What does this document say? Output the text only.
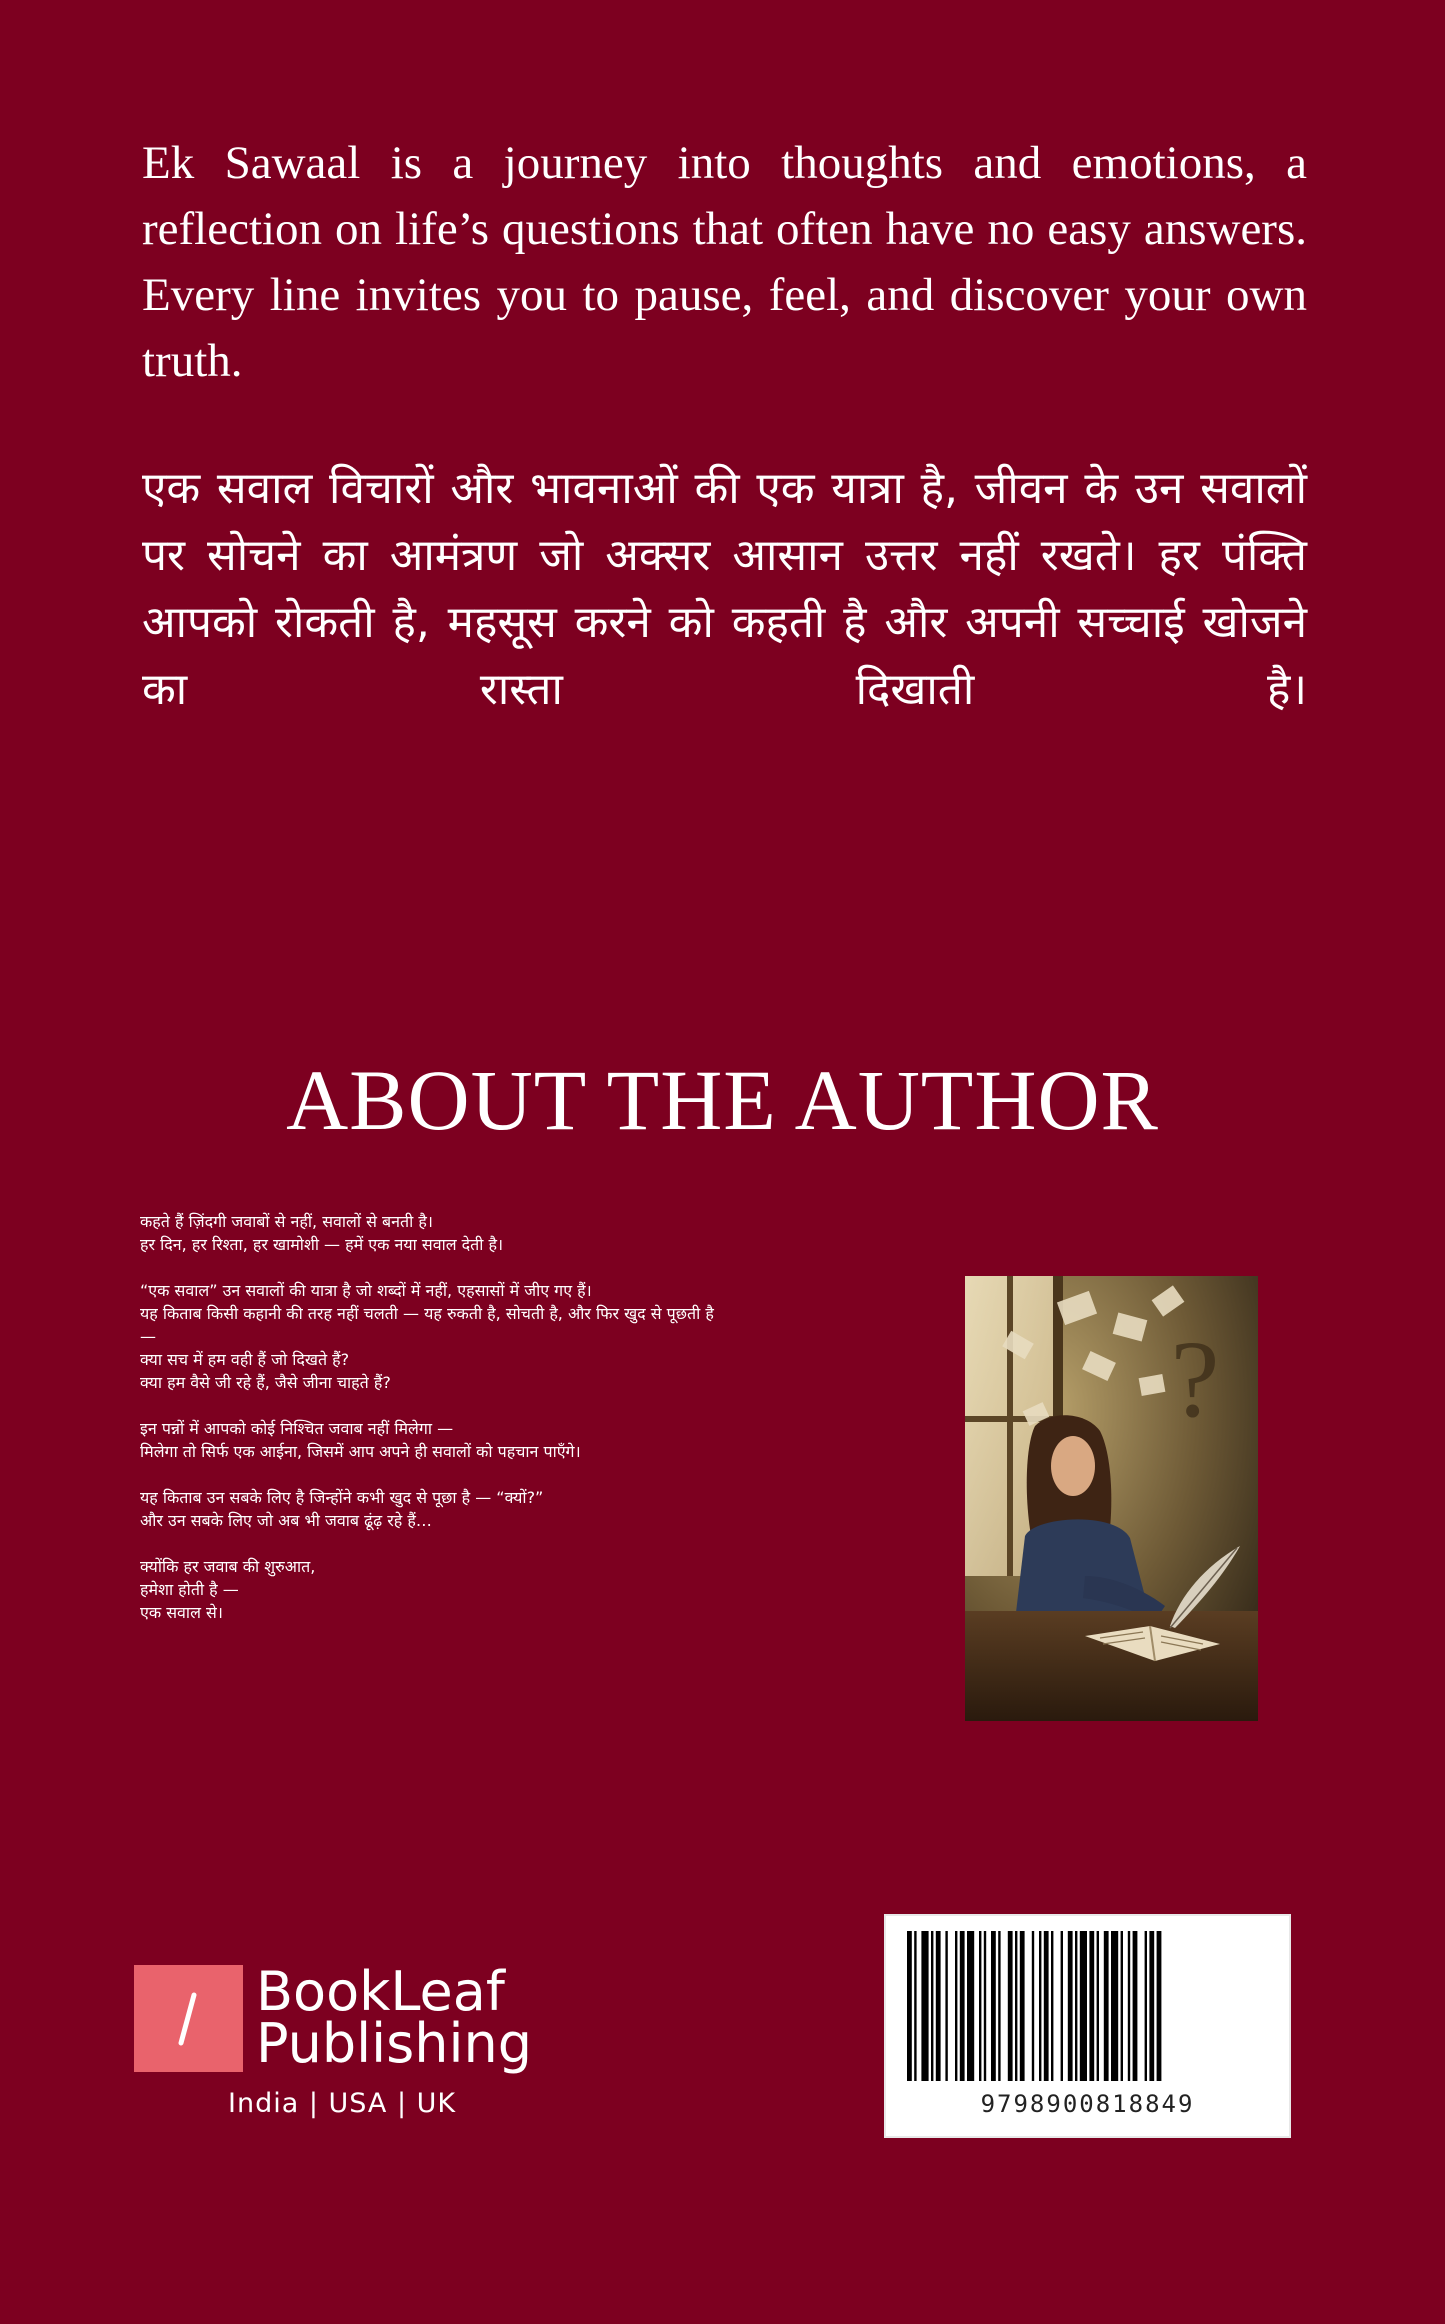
Ek Sawaal is a journey into thoughts and emotions, a reflection on life’s questions that often have no easy answers. Every line invites you to pause, feel, and discover your own truth.

एक सवाल विचारों और भावनाओं की एक यात्रा है, जीवन के उन सवालों पर सोचने का आमंत्रण जो अक्सर आसान उत्तर नहीं रखते। हर पंक्ति आपको रोकती है, महसूस करने को कहती है और अपनी सच्चाई खोजने का रास्ता दिखाती है।

ABOUT THE AUTHOR
कहते हैं ज़िंदगी जवाबों से नहीं, सवालों से बनती है।
हर दिन, हर रिश्ता, हर खामोशी — हमें एक नया सवाल देती है।
“एक सवाल” उन सवालों की यात्रा है जो शब्दों में नहीं, एहसासों में जीए गए हैं।
यह किताब किसी कहानी की तरह नहीं चलती — यह रुकती है, सोचती है, और फिर खुद से पूछती है
—
क्या सच में हम वही हैं जो दिखते हैं?
क्या हम वैसे जी रहे हैं, जैसे जीना चाहते हैं?
इन पन्नों में आपको कोई निश्चित जवाब नहीं मिलेगा —
मिलेगा तो सिर्फ एक आईना, जिसमें आप अपने ही सवालों को पहचान पाएँगे।
यह किताब उन सबके लिए है जिन्होंने कभी खुद से पूछा है — “क्यों?”
और उन सबके लिए जो अब भी जवाब ढूंढ़ रहे हैं…
क्योंकि हर जवाब की शुरुआत,
हमेशा होती है —
एक सवाल से।
?
BookLeaf
Publishing
India | USA | UK	9798900818849
